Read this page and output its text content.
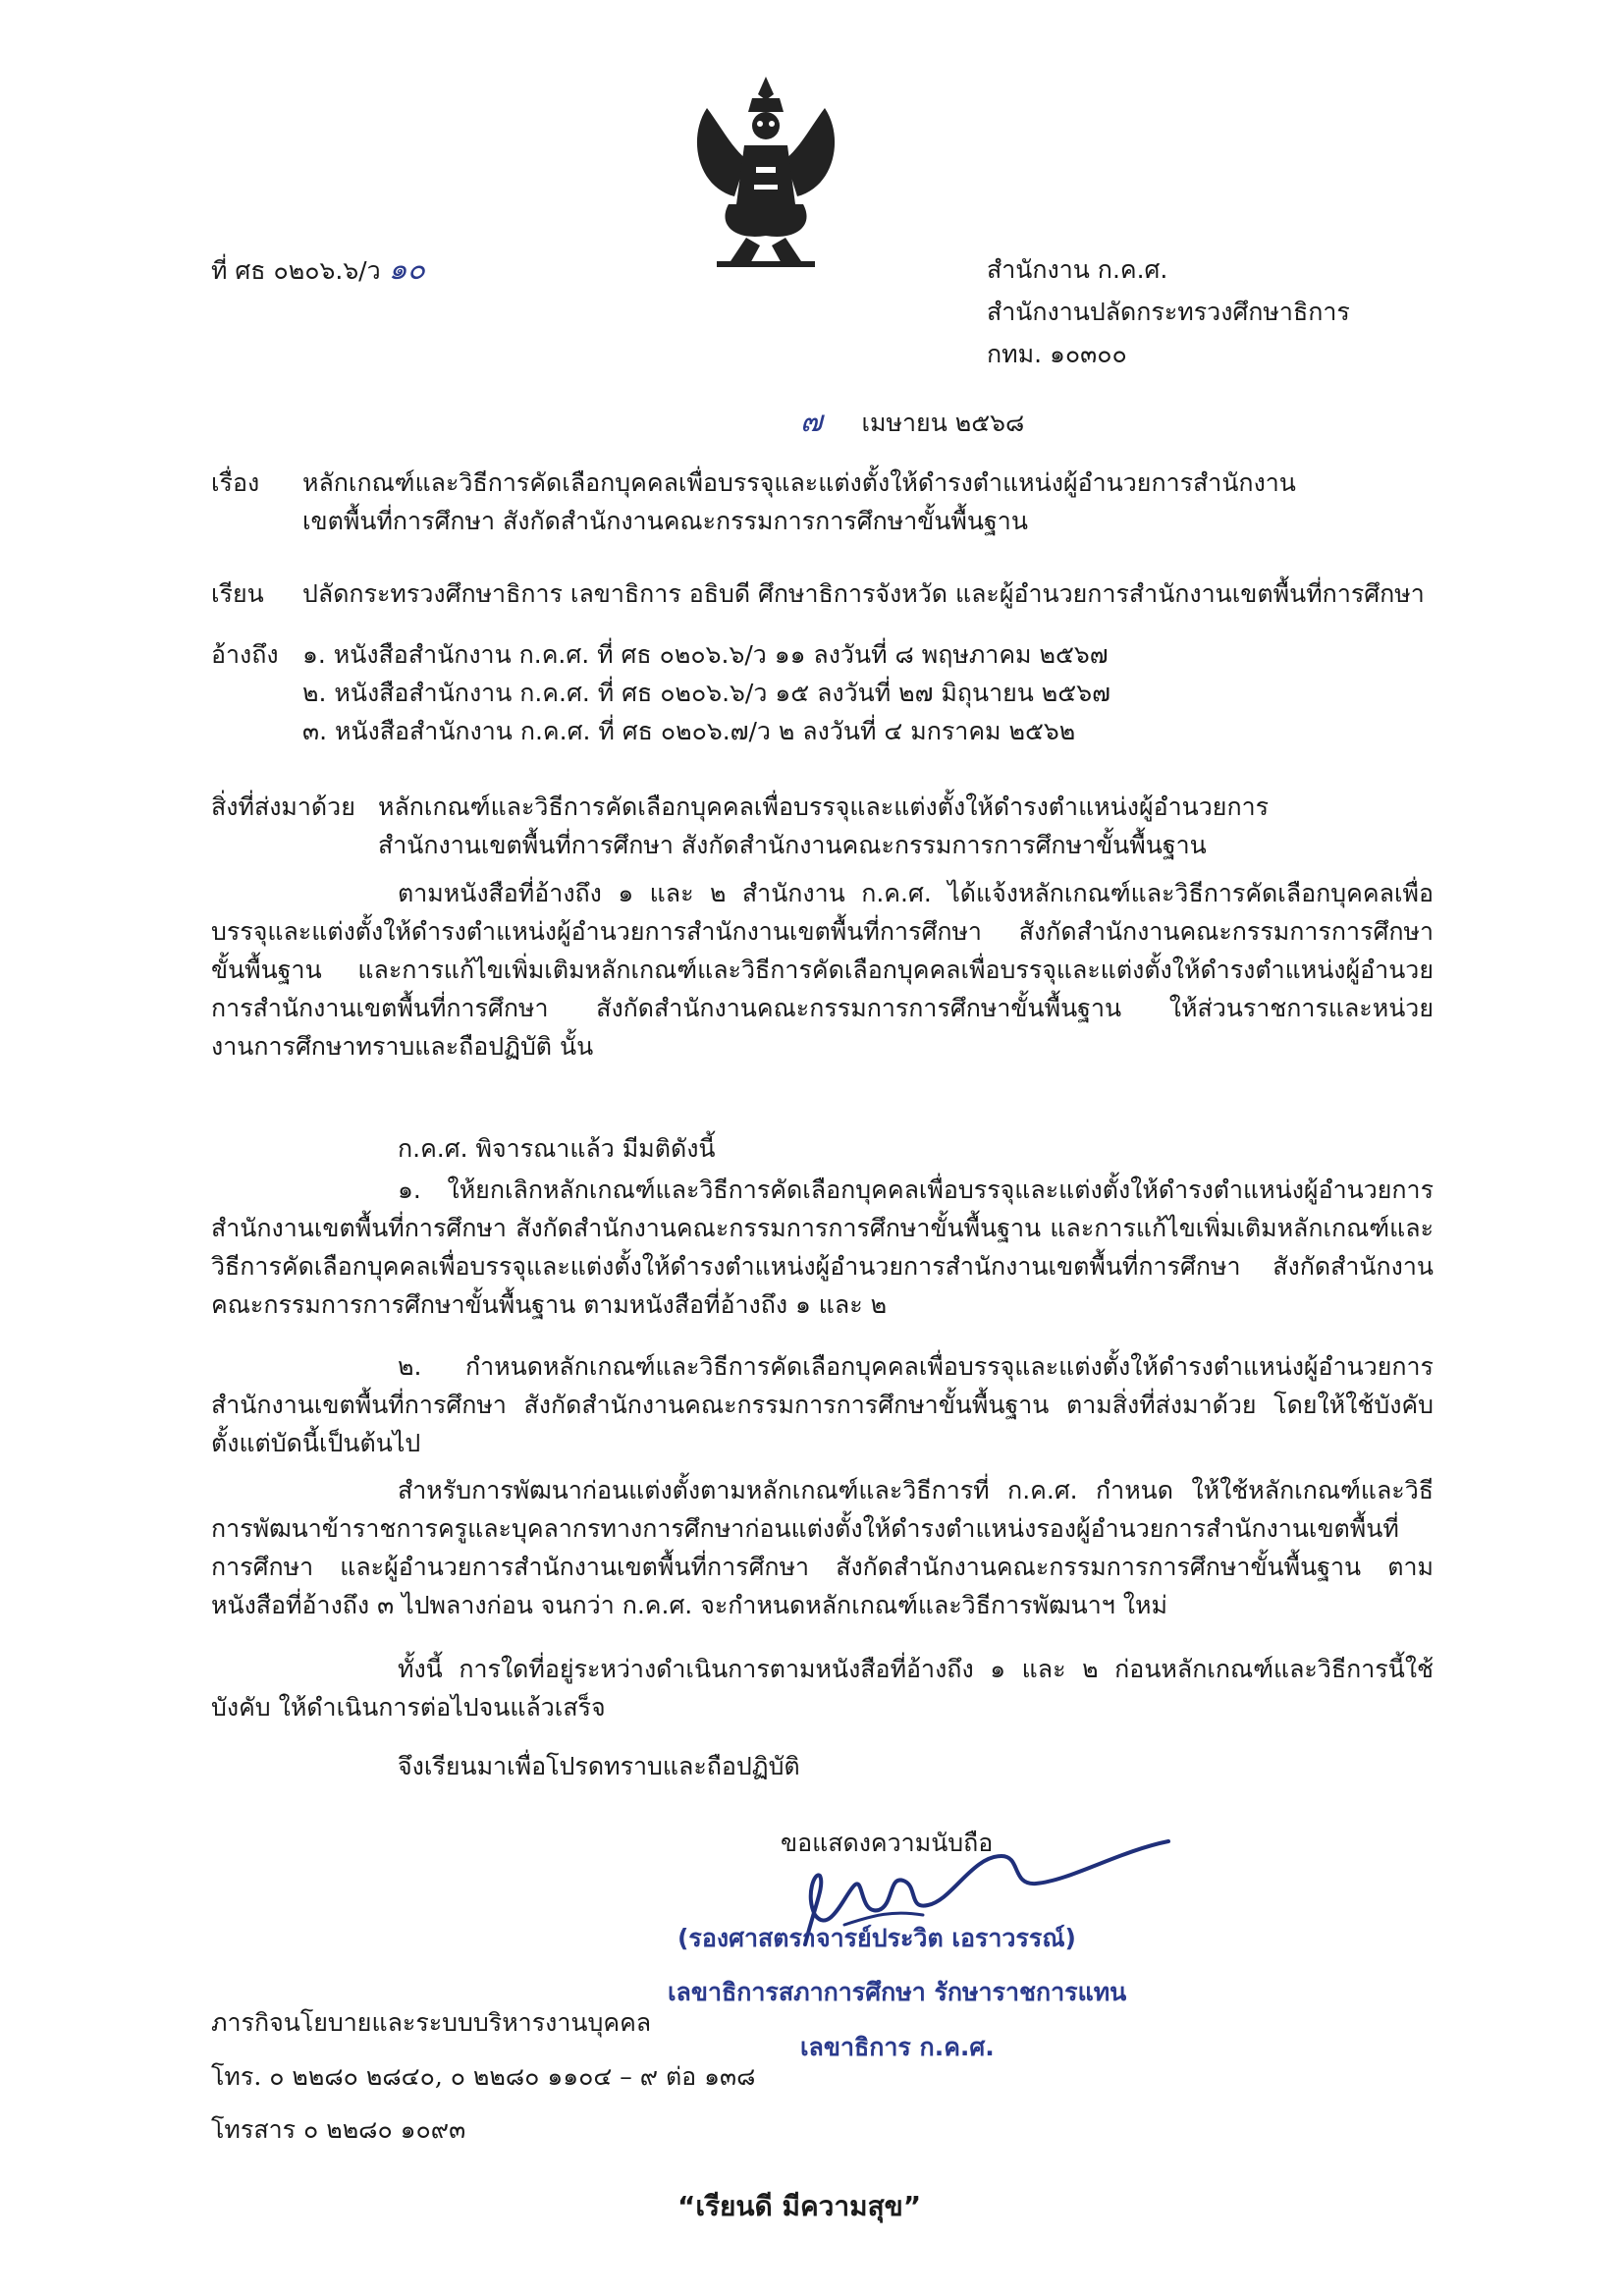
ที่ ศธ ๐๒๐๖.๖/ว ๑๐	สำนักงาน ก.ค.ศ.
สำนักงานปลัดกระทรวงศึกษาธิการ
กทม. ๑๐๓๐๐
๗ เมษายน ๒๕๖๘
เรื่อง หลักเกณฑ์และวิธีการคัดเลือกบุคคลเพื่อบรรจุและแต่งตั้งให้ดำรงตำแหน่งผู้อำนวยการสำนักงาน
เขตพื้นที่การศึกษา สังกัดสำนักงานคณะกรรมการการศึกษาขั้นพื้นฐาน
เรียน ปลัดกระทรวงศึกษาธิการ เลขาธิการ อธิบดี ศึกษาธิการจังหวัด และผู้อำนวยการสำนักงานเขตพื้นที่การศึกษา
อ้างถึง ๑. หนังสือสำนักงาน ก.ค.ศ. ที่ ศธ ๐๒๐๖.๖/ว ๑๑ ลงวันที่ ๘ พฤษภาคม ๒๕๖๗
๒. หนังสือสำนักงาน ก.ค.ศ. ที่ ศธ ๐๒๐๖.๖/ว ๑๕ ลงวันที่ ๒๗ มิถุนายน ๒๕๖๗
๓. หนังสือสำนักงาน ก.ค.ศ. ที่ ศธ ๐๒๐๖.๗/ว ๒ ลงวันที่ ๔ มกราคม ๒๕๖๒
สิ่งที่ส่งมาด้วย หลักเกณฑ์และวิธีการคัดเลือกบุคคลเพื่อบรรจุและแต่งตั้งให้ดำรงตำแหน่งผู้อำนวยการ
สำนักงานเขตพื้นที่การศึกษา สังกัดสำนักงานคณะกรรมการการศึกษาขั้นพื้นฐาน

ตามหนังสือที่อ้างถึง ๑ และ ๒ สำนักงาน ก.ค.ศ. ได้แจ้งหลักเกณฑ์และวิธีการคัดเลือกบุคคลเพื่อบรรจุและแต่งตั้งให้ดำรงตำแหน่งผู้อำนวยการสำนักงานเขตพื้นที่การศึกษา สังกัดสำนักงานคณะกรรมการการศึกษาขั้นพื้นฐาน และการแก้ไขเพิ่มเติมหลักเกณฑ์และวิธีการคัดเลือกบุคคลเพื่อบรรจุและแต่งตั้งให้ดำรงตำแหน่งผู้อำนวยการสำนักงานเขตพื้นที่การศึกษา สังกัดสำนักงานคณะกรรมการการศึกษาขั้นพื้นฐาน ให้ส่วนราชการและหน่วยงานการศึกษาทราบและถือปฏิบัติ นั้น

ก.ค.ศ. พิจารณาแล้ว มีมติดังนี้

๑. ให้ยกเลิกหลักเกณฑ์และวิธีการคัดเลือกบุคคลเพื่อบรรจุและแต่งตั้งให้ดำรงตำแหน่งผู้อำนวยการสำนักงานเขตพื้นที่การศึกษา สังกัดสำนักงานคณะกรรมการการศึกษาขั้นพื้นฐาน และการแก้ไขเพิ่มเติมหลักเกณฑ์และวิธีการคัดเลือกบุคคลเพื่อบรรจุและแต่งตั้งให้ดำรงตำแหน่งผู้อำนวยการสำนักงานเขตพื้นที่การศึกษา สังกัดสำนักงานคณะกรรมการการศึกษาขั้นพื้นฐาน ตามหนังสือที่อ้างถึง ๑ และ ๒

๒. กำหนดหลักเกณฑ์และวิธีการคัดเลือกบุคคลเพื่อบรรจุและแต่งตั้งให้ดำรงตำแหน่งผู้อำนวยการสำนักงานเขตพื้นที่การศึกษา สังกัดสำนักงานคณะกรรมการการศึกษาขั้นพื้นฐาน ตามสิ่งที่ส่งมาด้วย โดยให้ใช้บังคับตั้งแต่บัดนี้เป็นต้นไป

สำหรับการพัฒนาก่อนแต่งตั้งตามหลักเกณฑ์และวิธีการที่ ก.ค.ศ. กำหนด ให้ใช้หลักเกณฑ์และวิธีการพัฒนาข้าราชการครูและบุคลากรทางการศึกษาก่อนแต่งตั้งให้ดำรงตำแหน่งรองผู้อำนวยการสำนักงานเขตพื้นที่การศึกษา และผู้อำนวยการสำนักงานเขตพื้นที่การศึกษา สังกัดสำนักงานคณะกรรมการการศึกษาขั้นพื้นฐาน ตามหนังสือที่อ้างถึง ๓ ไปพลางก่อน จนกว่า ก.ค.ศ. จะกำหนดหลักเกณฑ์และวิธีการพัฒนาฯ ใหม่

ทั้งนี้ การใดที่อยู่ระหว่างดำเนินการตามหนังสือที่อ้างถึง ๑ และ ๒ ก่อนหลักเกณฑ์และวิธีการนี้ใช้บังคับ ให้ดำเนินการต่อไปจนแล้วเสร็จ

จึงเรียนมาเพื่อโปรดทราบและถือปฏิบัติ
ขอแสดงความนับถือ
(รองศาสตราจารย์ประวิต เอราวรรณ์)
เลขาธิการสภาการศึกษา รักษาราชการแทน
เลขาธิการ ก.ค.ศ.
ภารกิจนโยบายและระบบบริหารงานบุคคล
โทร. ๐ ๒๒๘๐ ๒๘๔๐, ๐ ๒๒๘๐ ๑๑๐๔ – ๙ ต่อ ๑๓๘
โทรสาร ๐ ๒๒๘๐ ๑๐๙๓
“เรียนดี มีความสุข”
